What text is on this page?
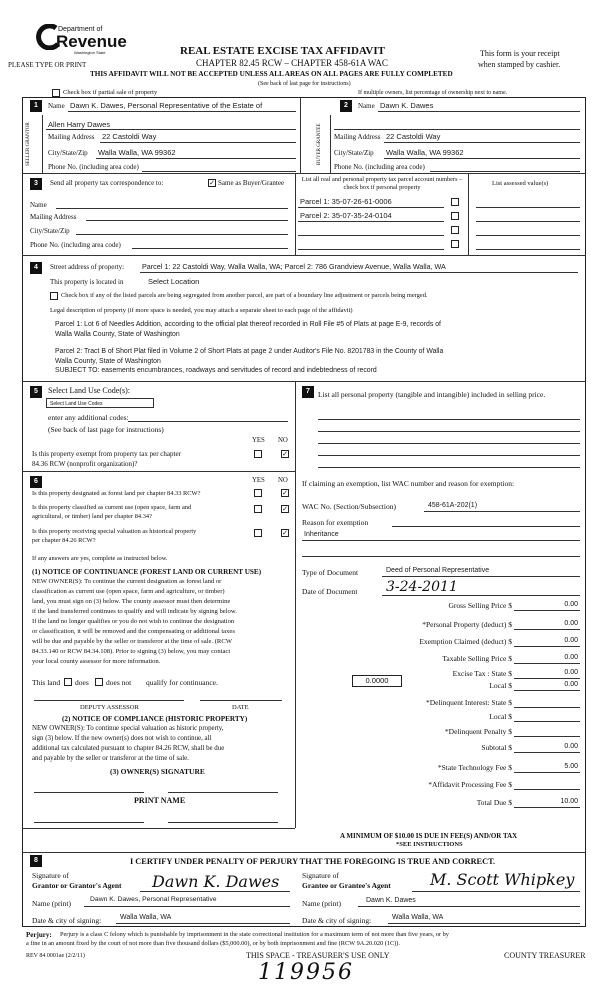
Department of
Revenue
Washington State
PLEASE TYPE OR PRINT
REAL ESTATE EXCISE TAX AFFIDAVIT
CHAPTER 82.45 RCW – CHAPTER 458-61A WAC
This form is your receipt
when stamped by cashier.
THIS AFFIDAVIT WILL NOT BE ACCEPTED UNLESS ALL AREAS ON ALL PAGES ARE FULLY COMPLETED
(See back of last page for instructions)
Check box if partial sale of property	If multiple owners, list percentage of ownership next to name.
1
SELLER GRANTOR
Name Dawn K. Dawes, Personal Representative of the Estate of
Allen Harry Dawes
Mailing Address 22 Castoldi Way
City/State/Zip Walla Walla, WA 99362
Phone No. (including area code)
2
BUYER GRANTEE
Name Dawn K. Dawes
Mailing Address 22 Castoldi Way
City/State/Zip Walla Walla, WA 99362
Phone No. (including area code)
3	Send all property tax correspondence to:	✓ Same as Buyer/Grantee
Name
Mailing Address
City/State/Zip
Phone No. (including area code)
List all real and personal property tax parcel account numbers – check box if personal property
List assessed value(s)
Parcel 1: 35-07-26-61-0006
Parcel 2: 35-07-35-24-0104
4	Street address of property: Parcel 1: 22 Castoldi Way, Walla Walla, WA; Parcel 2: 786 Grandview Avenue, Walla Walla, WA
This property is located in	Select Location
Check box if any of the listed parcels are being segregated from another parcel, are part of a boundary line adjustment or parcels being merged.
Legal description of property (if more space is needed, you may attach a separate sheet to each page of the affidavit)
Parcel 1: Lot 6 of Needles Addition, according to the official plat thereof recorded in Roll File #5 of Plats at page E-9, records of
Walla Walla County, State of Washington
Parcel 2: Tract B of Short Plat filed in Volume 2 of Short Plats at page 2 under Auditor's File No. 8201783 in the County of Walla
Walla County, State of Washington
SUBJECT TO: easements encumbrances, roadways and servitudes of record and indebtedness of record
5	Select Land Use Code(s):
Select Land Use Codes
enter any additional codes:
(See back of last page for instructions)
YES NO
Is this property exempt from property tax per chapter
84.36 RCW (nonprofit organization)?
✓
6	YES NO
Is this property designated as forest land per chapter 84.33 RCW?	✓
Is this property classified as current use (open space, farm and
agricultural, or timber) land per chapter 84.34?
✓
Is this property receiving special valuation as historical property
per chapter 84.26 RCW?
✓
If any answers are yes, complete as instructed below.
(1) NOTICE OF CONTINUANCE (FOREST LAND OR CURRENT USE)
NEW OWNER(S): To continue the current designation as forest land or
classification as current use (open space, farm and agriculture, or timber)
land, you must sign on (3) below. The county assessor must then determine
if the land transferred continues to qualify and will indicate by signing below.
If the land no longer qualifies or you do not wish to continue the designation
or classification, it will be removed and the compensating or additional taxes
will be due and payable by the seller or transferor at the time of sale. (RCW
84.33.140 or RCW 84.34.108). Prior to signing (3) below, you may contact
your local county assessor for more information.
This land does does not qualify for continuance.
DEPUTY ASSESSOR	DATE
(2) NOTICE OF COMPLIANCE (HISTORIC PROPERTY)
NEW OWNER(S): To continue special valuation as historic property,
sign (3) below. If the new owner(s) does not wish to continue, all
additional tax calculated pursuant to chapter 84.26 RCW, shall be due
and payable by the seller or transferor at the time of sale.
(3) OWNER(S) SIGNATURE
PRINT NAME
7	List all personal property (tangible and intangible) included in selling price.
If claiming an exemption, list WAC number and reason for exemption:
WAC No. (Section/Subsection)	458-61A-202(1)
Reason for exemption
Inheritance
Type of Document	Deed of Personal Representative
Date of Document 3-24-2011
Gross Selling Price $	0.00
*Personal Property (deduct) $	0.00
Exemption Claimed (deduct) $	0.00
Taxable Selling Price $	0.00
Excise Tax : State $	0.00
Local $	0.00
*Delinquent Interest: State $
Local $
*Delinquent Penalty $
Subtotal $	0.00
*State Technology Fee $	5.00
*Affidavit Processing Fee $
Total Due $	10.00
0.0000
A MINIMUM OF $10.00 IS DUE IN FEE(S) AND/OR TAX
*SEE INSTRUCTIONS
8	I CERTIFY UNDER PENALTY OF PERJURY THAT THE FOREGOING IS TRUE AND CORRECT.
Signature of
Grantor or Grantor's Agent Dawn K. Dawes
Name (print)	Dawn K. Dawes, Personal Representative
Date & city of signing:	Walla Walla, WA
Signature of
Grantee or Grantee's Agent M. Scott Whipkey
Name (print)	Dawn K. Dawes
Date & city of signing:	Walla Walla, WA
Perjury: Perjury is a class C felony which is punishable by imprisonment in the state correctional institution for a maximum term of not more than five years, or by
a fine in an amount fixed by the court of not more than five thousand dollars ($5,000.00), or by both imprisonment and fine (RCW 9A.20.020 (1C)).
REV 84 0001ae (2/2/11)	THIS SPACE - TREASURER'S USE ONLY	COUNTY TREASURER
119956
